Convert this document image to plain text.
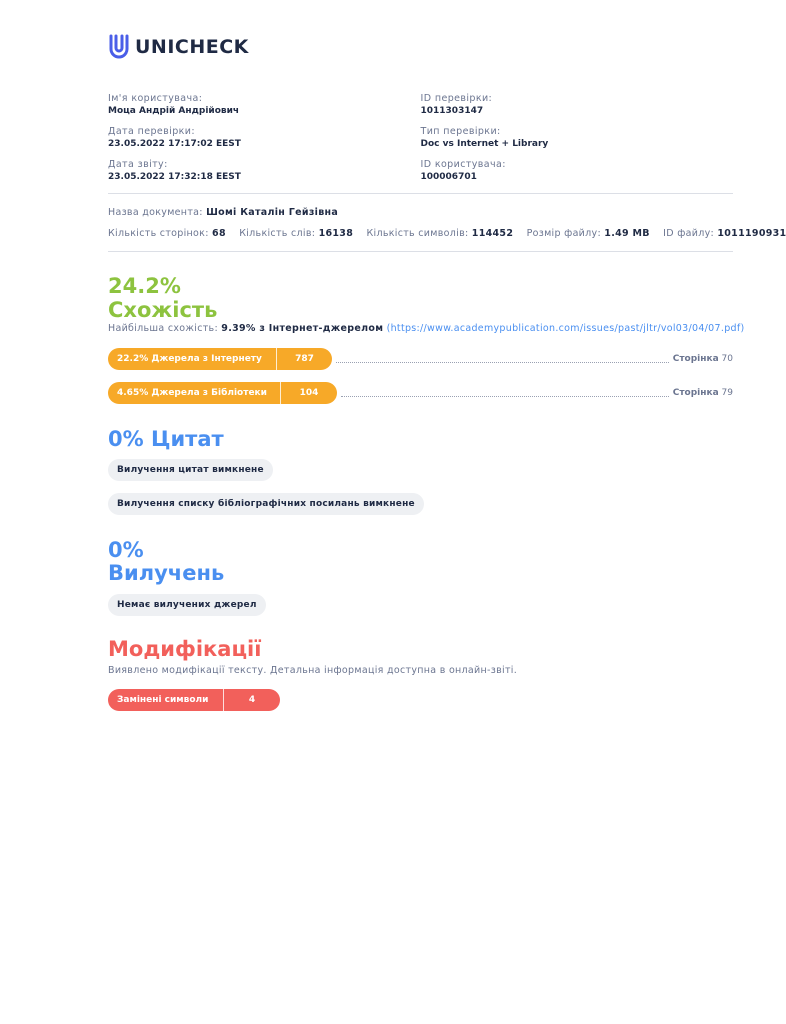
UNICHECK
Ім'я користувача:
Моца Андрій Андрійович
ID перевірки:
1011303147
Дата перевірки:
23.05.2022 17:17:02 EEST
Тип перевірки:
Doc vs Internet + Library
Дата звіту:
23.05.2022 17:32:18 EEST
ID користувача:
100006701
Назва документа: Шомі Каталін Гейзівна
Кількість сторінок: 68 Кількість слів: 16138 Кількість символів: 114452 Розмір файлу: 1.49 MB ID файлу: 1011190931
24.2%
Схожість
Найбільша схожість: 9.39% з Інтернет-джерелом (https://www.academypublication.com/issues/past/jltr/vol03/04/07.pdf)
22.2% Джерела з Інтернету	787	Сторінка 70
4.65% Джерела з Бібліотеки	104	Сторінка 79
0% Цитат
Вилучення цитат вимкнене
Вилучення списку бібліографічних посилань вимкнене
0%
Вилучень
Немає вилучених джерел
Модифікації
Виявлено модифікації тексту. Детальна інформація доступна в онлайн-звіті.
Замінені символи	4
